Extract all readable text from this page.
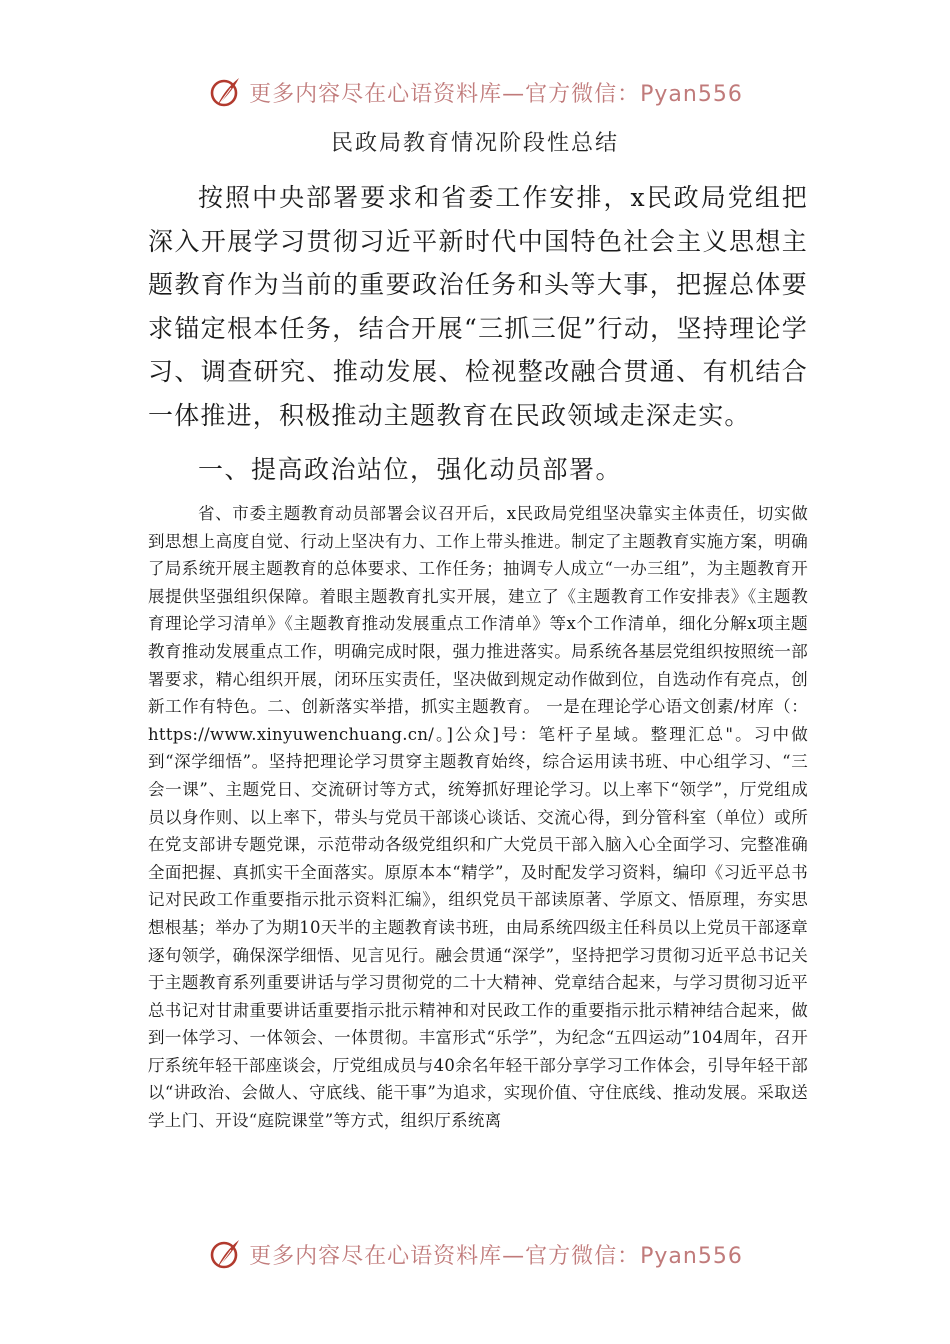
更多内容尽在心语资料库—官方微信：Pyan556
民政局教育情况阶段性总结

按照中央部署要求和省委工作安排，x民政局党组把深入开展学习贯彻习近平新时代中国特色社会主义思想主题教育作为当前的重要政治任务和头等大事，把握总体要求锚定根本任务，结合开展“三抓三促”行动，坚持理论学习、调查研究、推动发展、检视整改融合贯通、有机结合一体推进，积极推动主题教育在民政领域走深走实。

一、提高政治站位，强化动员部署。

省、市委主题教育动员部署会议召开后，x民政局党组坚决靠实主体责任，切实做到思想上高度自觉、行动上坚决有力、工作上带头推进。制定了主题教育实施方案，明确了局系统开展主题教育的总体要求、工作任务；抽调专人成立“一办三组”，为主题教育开展提供坚强组织保障。着眼主题教育扎实开展，建立了《主题教育工作安排表》《主题教育理论学习清单》《主题教育推动发展重点工作清单》等x个工作清单，细化分解x项主题教育推动发展重点工作，明确完成时限，强力推进落实。局系统各基层党组织按照统一部署要求，精心组织开展，闭环压实责任，坚决做到规定动作做到位，自选动作有亮点，创新工作有特色。二、创新落实举措，抓实主题教育。 一是在理论学心语文创素/材库（：https://www.xinyuwenchuang.cn/。]公众]号：笔杆子星域。整理汇总"。习中做到“深学细悟”。坚持把理论学习贯穿主题教育始终，综合运用读书班、中心组学习、“三会一课”、主题党日、交流研讨等方式，统筹抓好理论学习。以上率下“领学”，厅党组成员以身作则、以上率下，带头与党员干部谈心谈话、交流心得，到分管科室（单位）或所在党支部讲专题党课，示范带动各级党组织和广大党员干部入脑入心全面学习、完整准确全面把握、真抓实干全面落实。原原本本“精学”，及时配发学习资料，编印《习近平总书记对民政工作重要指示批示资料汇编》，组织党员干部读原著、学原文、悟原理，夯实思想根基；举办了为期10天半的主题教育读书班，由局系统四级主任科员以上党员干部逐章逐句领学，确保深学细悟、见言见行。融会贯通“深学”，坚持把学习贯彻习近平总书记关于主题教育系列重要讲话与学习贯彻党的二十大精神、党章结合起来，与学习贯彻习近平总书记对甘肃重要讲话重要指示批示精神和对民政工作的重要指示批示精神结合起来，做到一体学习、一体领会、一体贯彻。丰富形式“乐学”，为纪念“五四运动”104周年，召开厅系统年轻干部座谈会，厅党组成员与40余名年轻干部分享学习工作体会，引导年轻干部以“讲政治、会做人、守底线、能干事”为追求，实现价值、守住底线、推动发展。采取送学上门、开设“庭院课堂”等方式，组织厅系统离

更多内容尽在心语资料库—官方微信：Pyan556
